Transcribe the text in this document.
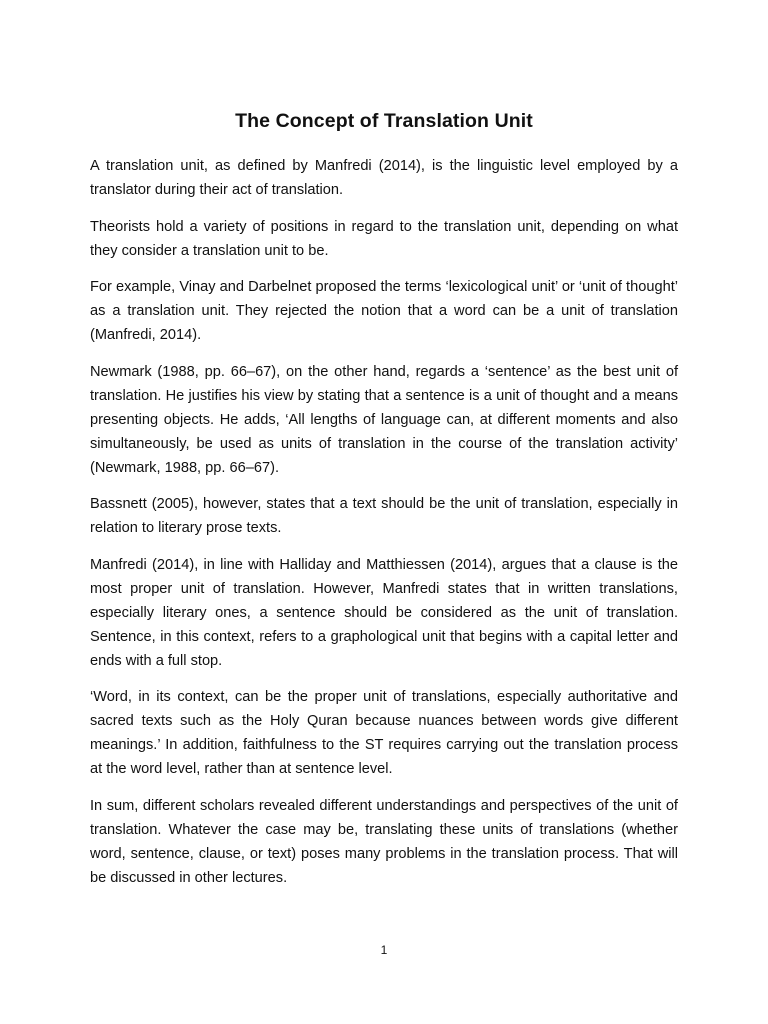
The Concept of Translation Unit

A translation unit, as defined by Manfredi (2014), is the linguistic level employed by a translator during their act of translation.

Theorists hold a variety of positions in regard to the translation unit, depending on what they consider a translation unit to be.

For example, Vinay and Darbelnet proposed the terms ‘lexicological unit’ or ‘unit of thought’ as a translation unit. They rejected the notion that a word can be a unit of translation (Manfredi, 2014).

Newmark (1988, pp. 66–67), on the other hand, regards a ‘sentence’ as the best unit of translation. He justifies his view by stating that a sentence is a unit of thought and a means presenting objects. He adds, ‘All lengths of language can, at different moments and also simultaneously, be used as units of translation in the course of the translation activity’ (Newmark, 1988, pp. 66–67).

Bassnett (2005), however, states that a text should be the unit of translation, especially in relation to literary prose texts.

Manfredi (2014), in line with Halliday and Matthiessen (2014), argues that a clause is the most proper unit of translation. However, Manfredi states that in written translations, especially literary ones, a sentence should be considered as the unit of translation. Sentence, in this context, refers to a graphological unit that begins with a capital letter and ends with a full stop.

‘Word, in its context, can be the proper unit of translations, especially authoritative and sacred texts such as the Holy Quran because nuances between words give different meanings.’ In addition, faithfulness to the ST requires carrying out the translation process at the word level, rather than at sentence level.

In sum, different scholars revealed different understandings and perspectives of the unit of translation. Whatever the case may be, translating these units of translations (whether word, sentence, clause, or text) poses many problems in the translation process. That will be discussed in other lectures.

1
